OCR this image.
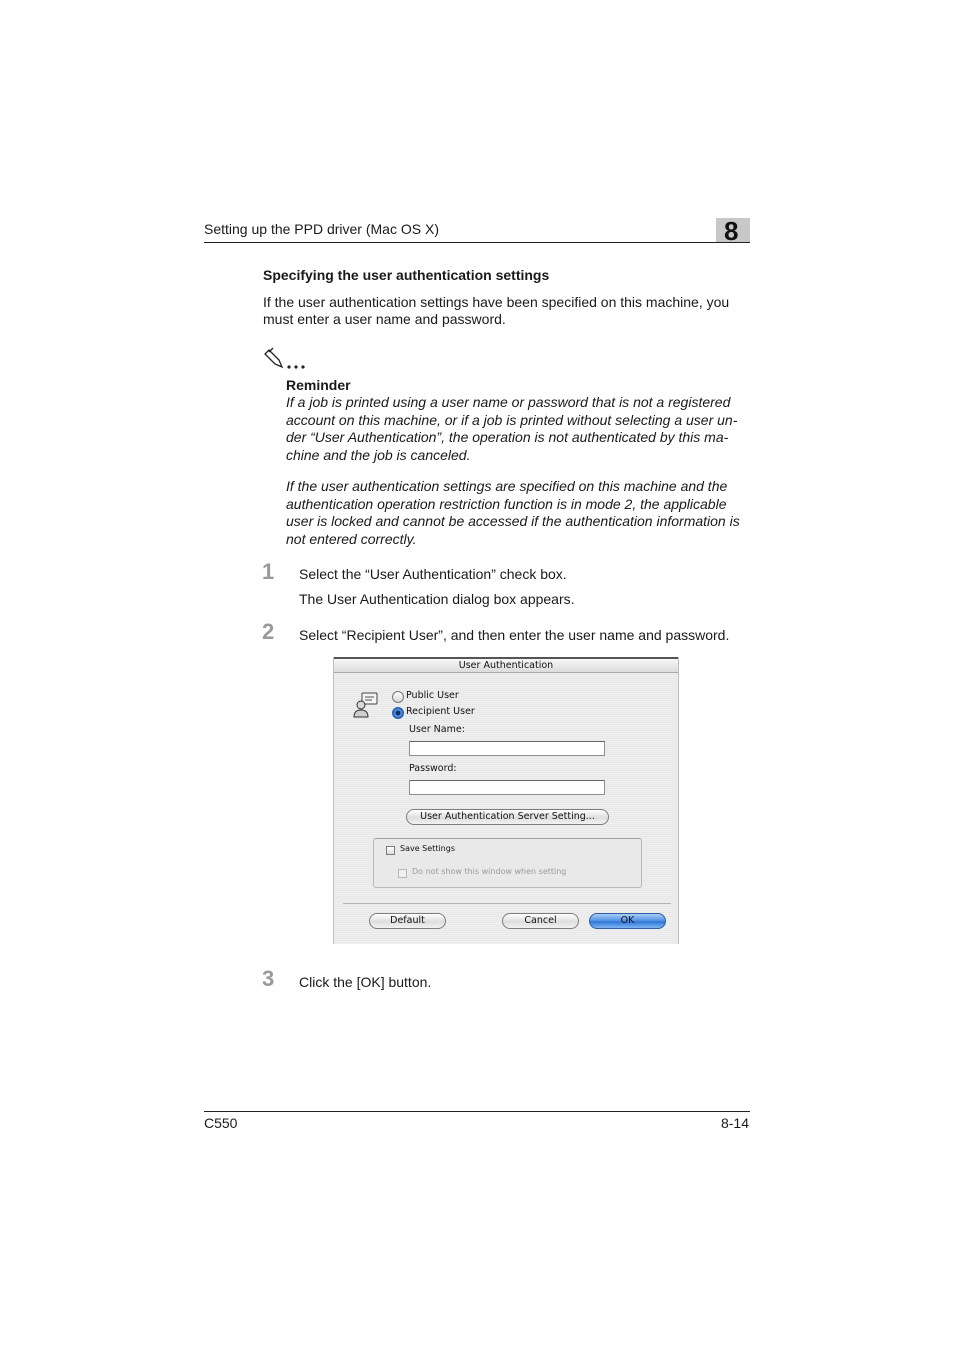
Setting up the PPD driver (Mac OS X)	8
Specifying the user authentication settings
If the user authentication settings have been specified on this machine, you must enter a user name and password.
Reminder
If a job is printed using a user name or password that is not a registered account on this machine, or if a job is printed without selecting a user un-der “User Authentication”, the operation is not authenticated by this ma-chine and the job is canceled.
If the user authentication settings are specified on this machine and the authentication operation restriction function is in mode 2, the applicable user is locked and cannot be accessed if the authentication information is not entered correctly.
1 Select the “User Authentication” check box.
The User Authentication dialog box appears.
2 Select “Recipient User”, and then enter the user name and password.
User Authentication
Public User
Recipient User
User Name:
Password:
User Authentication Server Setting...
Save Settings
Do not show this window when setting
Default	Cancel	OK
3 Click the [OK] button.
C550	8-14
